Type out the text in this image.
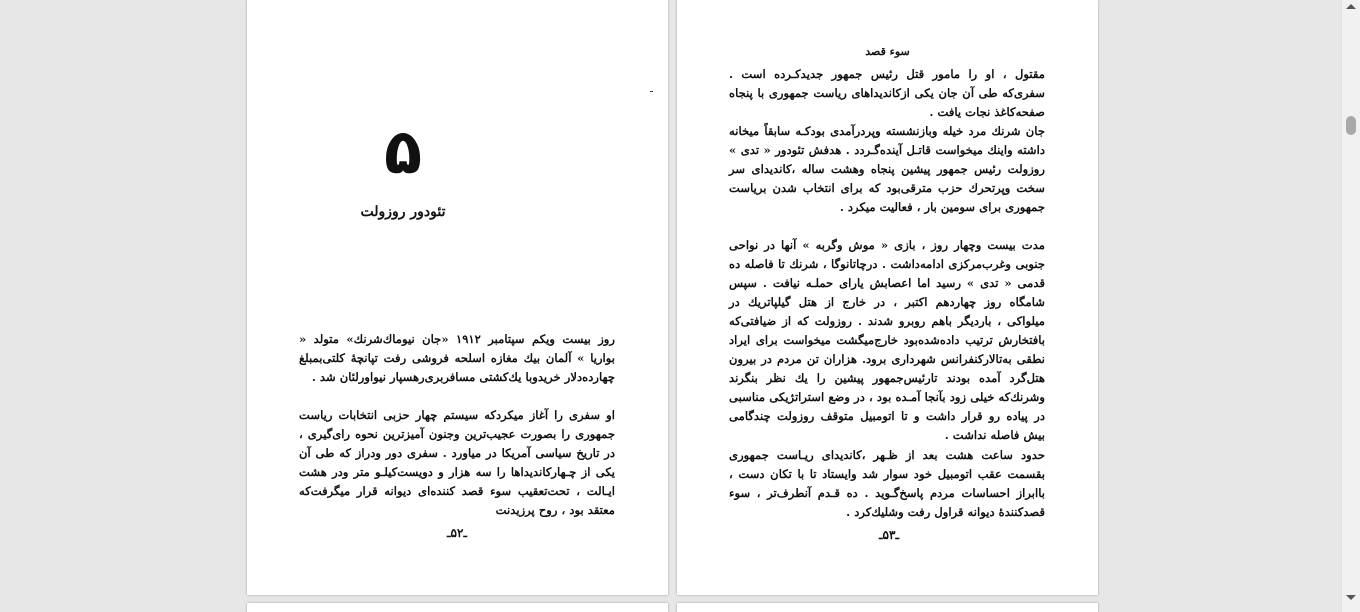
ـ
۵
تئودور روزولت

روز بیست ویکم سپتامبر ۱۹۱۲ «جان نیوماك‌شرنك» متولد « بواریا » آلمان بیك مغازه اسلحه فروشی رفت تپانچهٔ کلتی‌بمبلغ چهارده‌دلار خریدوبا یك‌کشتی مسافربری‌رهسپار نیواورلئان شد .

او سفری را آغاز میکردکه سیستم چهار حزبی انتخابات ریاست جمهوری را بصورت عجیب‌ترین وجنون آمیزترین نحوه رای‌گیری ، در تاریخ سیاسی آمریکا در میاورد . سفری دور ودراز که طی آن یکی از چـهارکاندیداها را سه هزار و دویست‌کیلـو متر ودر هشت ایـالت ، تحت‌تعقیب سوء قصد کننده‌ای دیوانه قرار میگرفت‌که معتقد بود ، روح پرزیدنت

ـ۵۲ـ
سوء قصد

مقتول ، او را مامور قتل رئیس جمهور جدیدکـرده است . سفری‌که طی آن جان یکی ازکاندیداهای ریاست جمهوری با پنجاه صفحه‌کاغذ نجات یافت .

جان شرنك مرد خیله وبازنشسته وپردرآمدی بودکـه سابقاً میخانه داشته واینك میخواست قاتـل آینده‌گـردد . هدفش تئودور « تدی » روزولت رئیس جمهور پیشین پنجاه وهشت ساله ،کاندیدای سر سخت وپرتحرك حزب مترقی‌بود که برای انتخاب شدن بریاست جمهوری برای سومین بار ، فعالیت میکرد .

مدت بیست وچهار روز ، بازی « موش وگربه » آنها در نواحی جنوبی وغرب‌مرکزی ادامه‌داشت . درچاتانوگا ، شرنك تا فاصله ده قدمی « تدی » رسید اما اعصابش یارای حملـه نیافت . سپس شامگاه روز چهاردهم اکتبر ، در خارج از هتل گیلپاتریك در میلواکی ، باردیگر باهم روبرو شدند . روزولت که از ضیافتی‌که بافتخارش ترتیب داده‌شده‌بود خارج‌میگشت میخواست برای ایراد نطقی به‌تالارکنفرانس شهرداری برود. هزاران تن مردم در بیرون هتل‌گرد آمده بودند تارئیس‌جمهور پیشین را یك نظر بنگرند وشرنك‌که خیلی زود بآنجا آمـده بود ، در وضع استراتژیکی مناسبی در پیاده رو قرار داشت و تا اتومبیل متوقف روزولت چندگامی بیش فاصله نداشت .

حدود ساعت هشت بعد از ظـهر ،کاندیدای ریـاست جمهوری بقسمت عقب اتومبیل خود سوار شد وایستاد تا با تکان دست ، باابراز احساسات مردم پاسخ‌گـوید . ده قـدم آنطرف‌تر ، سوء قصدکنندهٔ دیوانه قراول رفت وشلیك‌کرد .

ـ۵۳ـ
